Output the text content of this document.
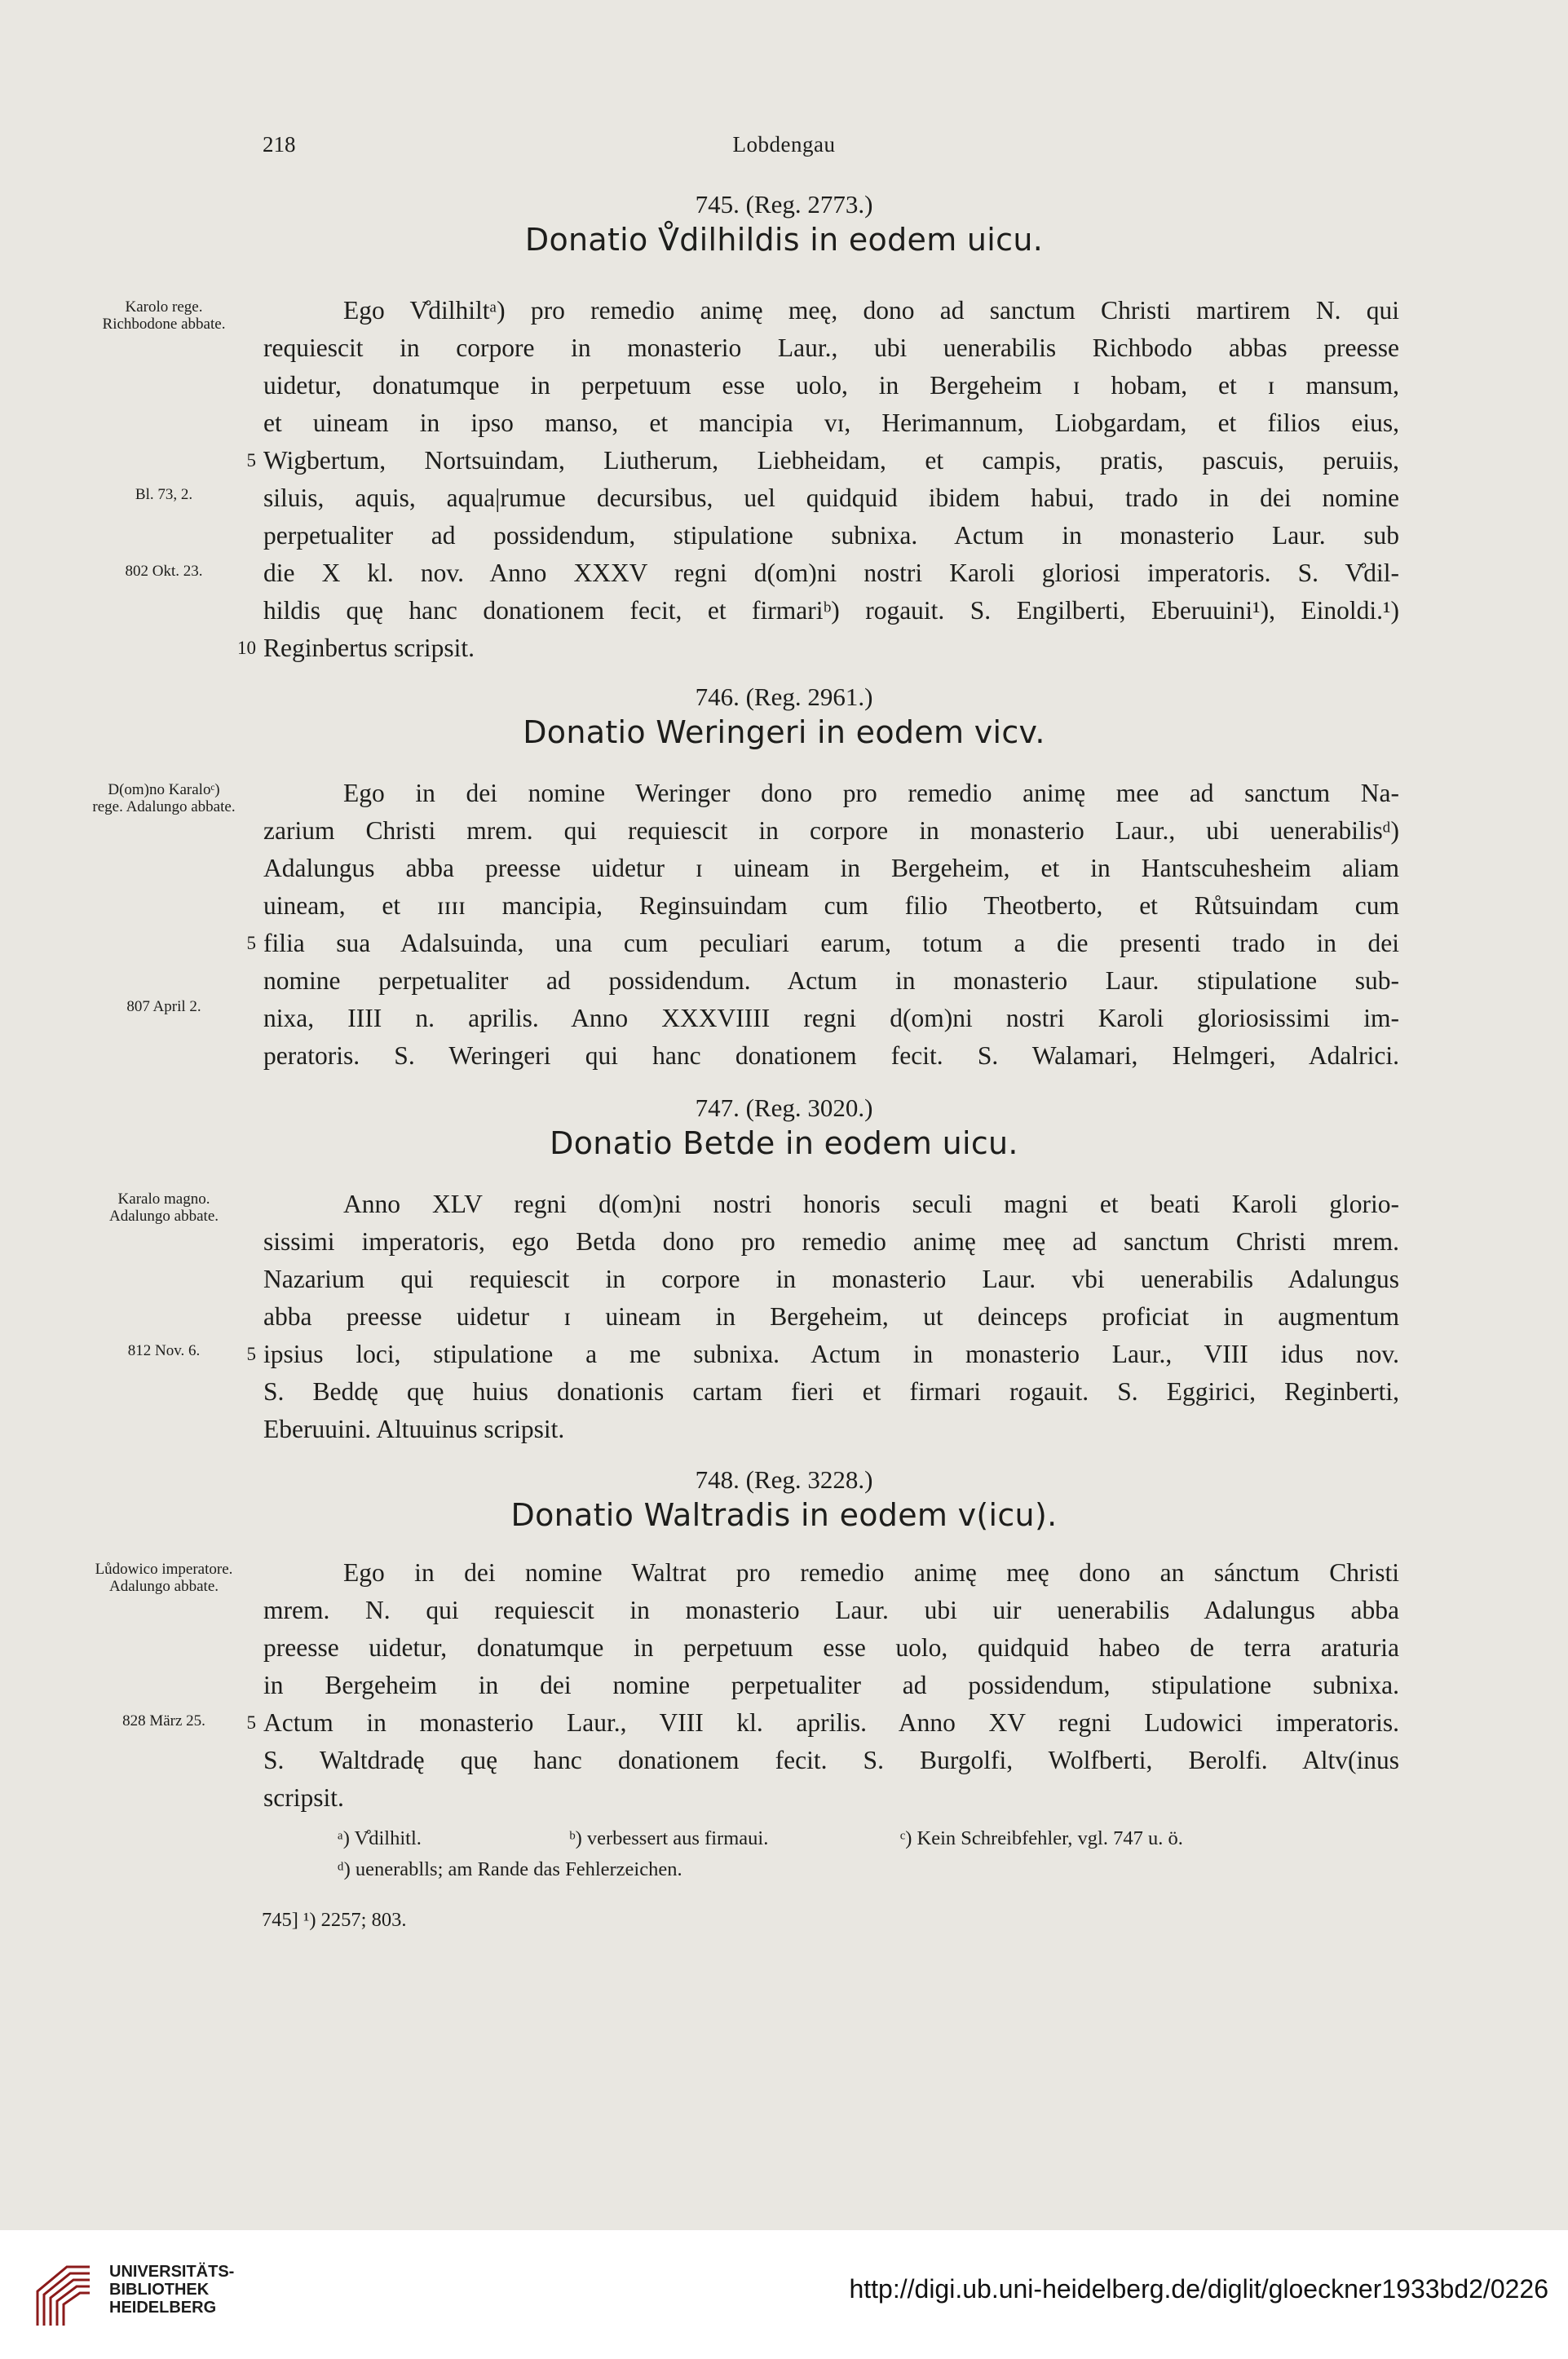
Lobdengau
218
745. (Reg. 2773.)
Donatio V̊dilhildis in eodem uicu.
Karolo rege. Richbodone abbate.
Bl. 73, 2.
802 Okt. 23.
Ego V̊dilhiltᵃ) pro remedio animę meę, dono ad sanctum Christi martirem N. qui
requiescit in corpore in monasterio Laur., ubi uenerabilis Richbodo abbas preesse
uidetur, donatumque in perpetuum esse uolo, in Bergeheim ɪ hobam, et ɪ mansum,
et uineam in ipso manso, et mancipia ᴠɪ, Herimannum, Liobgardam, et filios eius,
5 Wigbertum, Nortsuindam, Liutherum, Liebheidam, et campis, pratis, pascuis, peruiis,
siluis, aquis, aqua|rumue decursibus, uel quidquid ibidem habui, trado in dei nomine
perpetualiter ad possidendum, stipulatione subnixa. Actum in monasterio Laur. sub
die X kl. nov. Anno XXXV regni d(om)ni nostri Karoli gloriosi imperatoris. S. V̊dil-
hildis quę hanc donationem fecit, et firmariᵇ) rogauit. S. Engilberti, Eberuuini¹), Einoldi.¹)
10 Reginbertus scripsit.
746. (Reg. 2961.)
Donatio Weringeri in eodem vicv.
D(om)no Karaloᶜ) rege. Adalungo abbate.
807 April 2.
Ego in dei nomine Weringer dono pro remedio animę mee ad sanctum Na-
zarium Christi mrem. qui requiescit in corpore in monasterio Laur., ubi uenerabilisᵈ)
Adalungus abba preesse uidetur ɪ uineam in Bergeheim, et in Hantscuhesheim aliam
uineam, et ɪɪɪɪ mancipia, Reginsuindam cum filio Theotberto, et Růtsuindam cum
5 filia sua Adalsuinda, una cum peculiari earum, totum a die presenti trado in dei
nomine perpetualiter ad possidendum. Actum in monasterio Laur. stipulatione sub-
nixa, IIII n. aprilis. Anno XXXVIIII regni d(om)ni nostri Karoli gloriosissimi im-
peratoris. S. Weringeri qui hanc donationem fecit. S. Walamari, Helmgeri, Adalrici.
747. (Reg. 3020.)
Donatio Betde in eodem uicu.
Karalo magno. Adalungo abbate.
812 Nov. 6.
Anno XLV regni d(om)ni nostri honoris seculi magni et beati Karoli glorio-
sissimi imperatoris, ego Betda dono pro remedio animę meę ad sanctum Christi mrem.
Nazarium qui requiescit in corpore in monasterio Laur. vbi uenerabilis Adalungus
abba preesse uidetur ɪ uineam in Bergeheim, ut deinceps proficiat in augmentum
5 ipsius loci, stipulatione a me subnixa. Actum in monasterio Laur., VIII idus nov.
S. Beddę quę huius donationis cartam fieri et firmari rogauit. S. Eggirici, Reginberti,
Eberuuini. Altuuinus scripsit.
748. (Reg. 3228.)
Donatio Waltradis in eodem v(icu).
Lůdowico imperatore. Adalungo abbate.
828 März 25.
Ego in dei nomine Waltrat pro remedio animę meę dono an sánctum Christi
mrem. N. qui requiescit in monasterio Laur. ubi uir uenerabilis Adalungus abba
preesse uidetur, donatumque in perpetuum esse uolo, quidquid habeo de terra araturia
in Bergeheim in dei nomine perpetualiter ad possidendum, stipulatione subnixa.
5 Actum in monasterio Laur., VIII kl. aprilis. Anno XV regni Ludowici imperatoris.
S. Waltdradę quę hanc donationem fecit. S. Burgolfi, Wolfberti, Berolfi. Altv(inus
scripsit.
ᵃ) V̊dilhitl.	ᵇ) verbessert aus firmaui.	ᶜ) Kein Schreibfehler, vgl. 747 u. ö.
ᵈ) uenerablls; am Rande das Fehlerzeichen.
745] ¹) 2257; 803.
UNIVERSITÄTS-
BIBLIOTHEK
HEIDELBERG
http://digi.ub.uni-heidelberg.de/diglit/gloeckner1933bd2/0226
